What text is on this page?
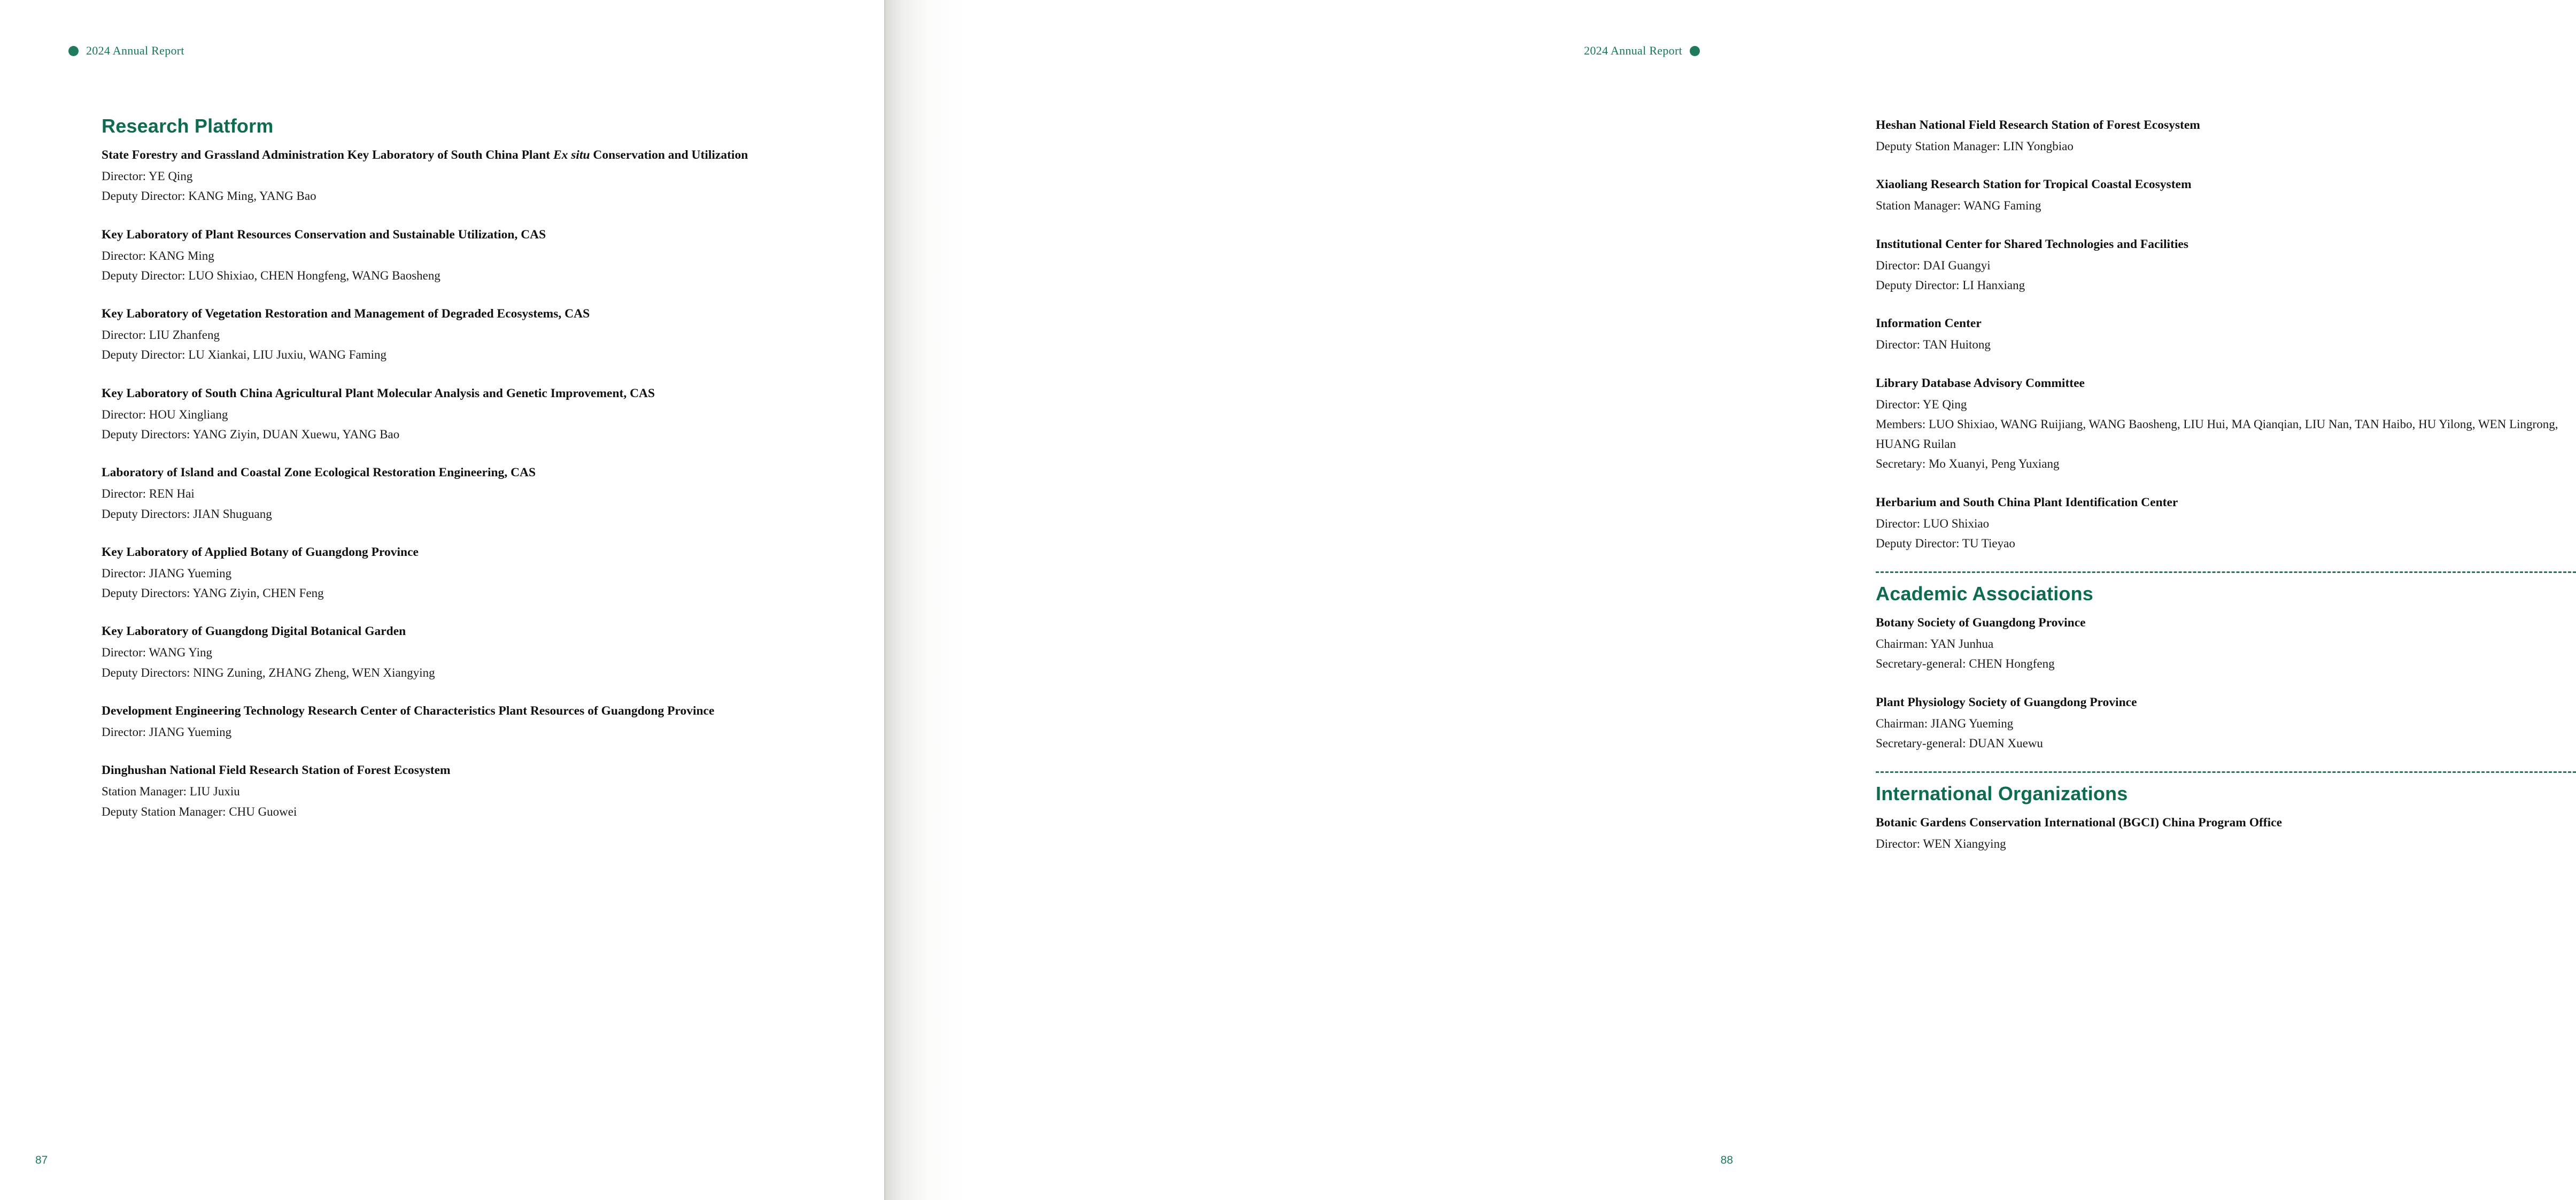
2024 Annual Report
Research Platform

State Forestry and Grassland Administration Key Laboratory of South China Plant Ex situ Conservation and Utilization

Director: YE Qing

Deputy Director: KANG Ming, YANG Bao

Key Laboratory of Plant Resources Conservation and Sustainable Utilization, CAS

Director: KANG Ming

Deputy Director: LUO Shixiao, CHEN Hongfeng, WANG Baosheng

Key Laboratory of Vegetation Restoration and Management of Degraded Ecosystems, CAS

Director: LIU Zhanfeng

Deputy Director: LU Xiankai, LIU Juxiu, WANG Faming

Key Laboratory of South China Agricultural Plant Molecular Analysis and Genetic Improvement, CAS

Director: HOU Xingliang

Deputy Directors: YANG Ziyin, DUAN Xuewu, YANG Bao

Laboratory of Island and Coastal Zone Ecological Restoration Engineering, CAS

Director: REN Hai

Deputy Directors: JIAN Shuguang

Key Laboratory of Applied Botany of Guangdong Province

Director: JIANG Yueming

Deputy Directors: YANG Ziyin, CHEN Feng

Key Laboratory of Guangdong Digital Botanical Garden

Director: WANG Ying

Deputy Directors: NING Zuning, ZHANG Zheng, WEN Xiangying

Development Engineering Technology Research Center of Characteristics Plant Resources of Guangdong Province

Director: JIANG Yueming

Dinghushan National Field Research Station of Forest Ecosystem

Station Manager: LIU Juxiu

Deputy Station Manager: CHU Guowei

87
2024 Annual Report

Heshan National Field Research Station of Forest Ecosystem

Deputy Station Manager: LIN Yongbiao

Xiaoliang Research Station for Tropical Coastal Ecosystem

Station Manager: WANG Faming

Institutional Center for Shared Technologies and Facilities

Director: DAI Guangyi

Deputy Director: LI Hanxiang

Information Center

Director: TAN Huitong

Library Database Advisory Committee

Director: YE Qing

Members: LUO Shixiao, WANG Ruijiang, WANG Baosheng, LIU Hui, MA Qianqian, LIU Nan, TAN Haibo, HU Yilong, WEN Lingrong, HUANG Ruilan

Secretary: Mo Xuanyi, Peng Yuxiang

Herbarium and South China Plant Identification Center

Director: LUO Shixiao

Deputy Director: TU Tieyao

Academic Associations

Botany Society of Guangdong Province

Chairman: YAN Junhua

Secretary-general: CHEN Hongfeng

Plant Physiology Society of Guangdong Province

Chairman: JIANG Yueming

Secretary-general: DUAN Xuewu

International Organizations

Botanic Gardens Conservation International (BGCI) China Program Office

Director: WEN Xiangying

88
